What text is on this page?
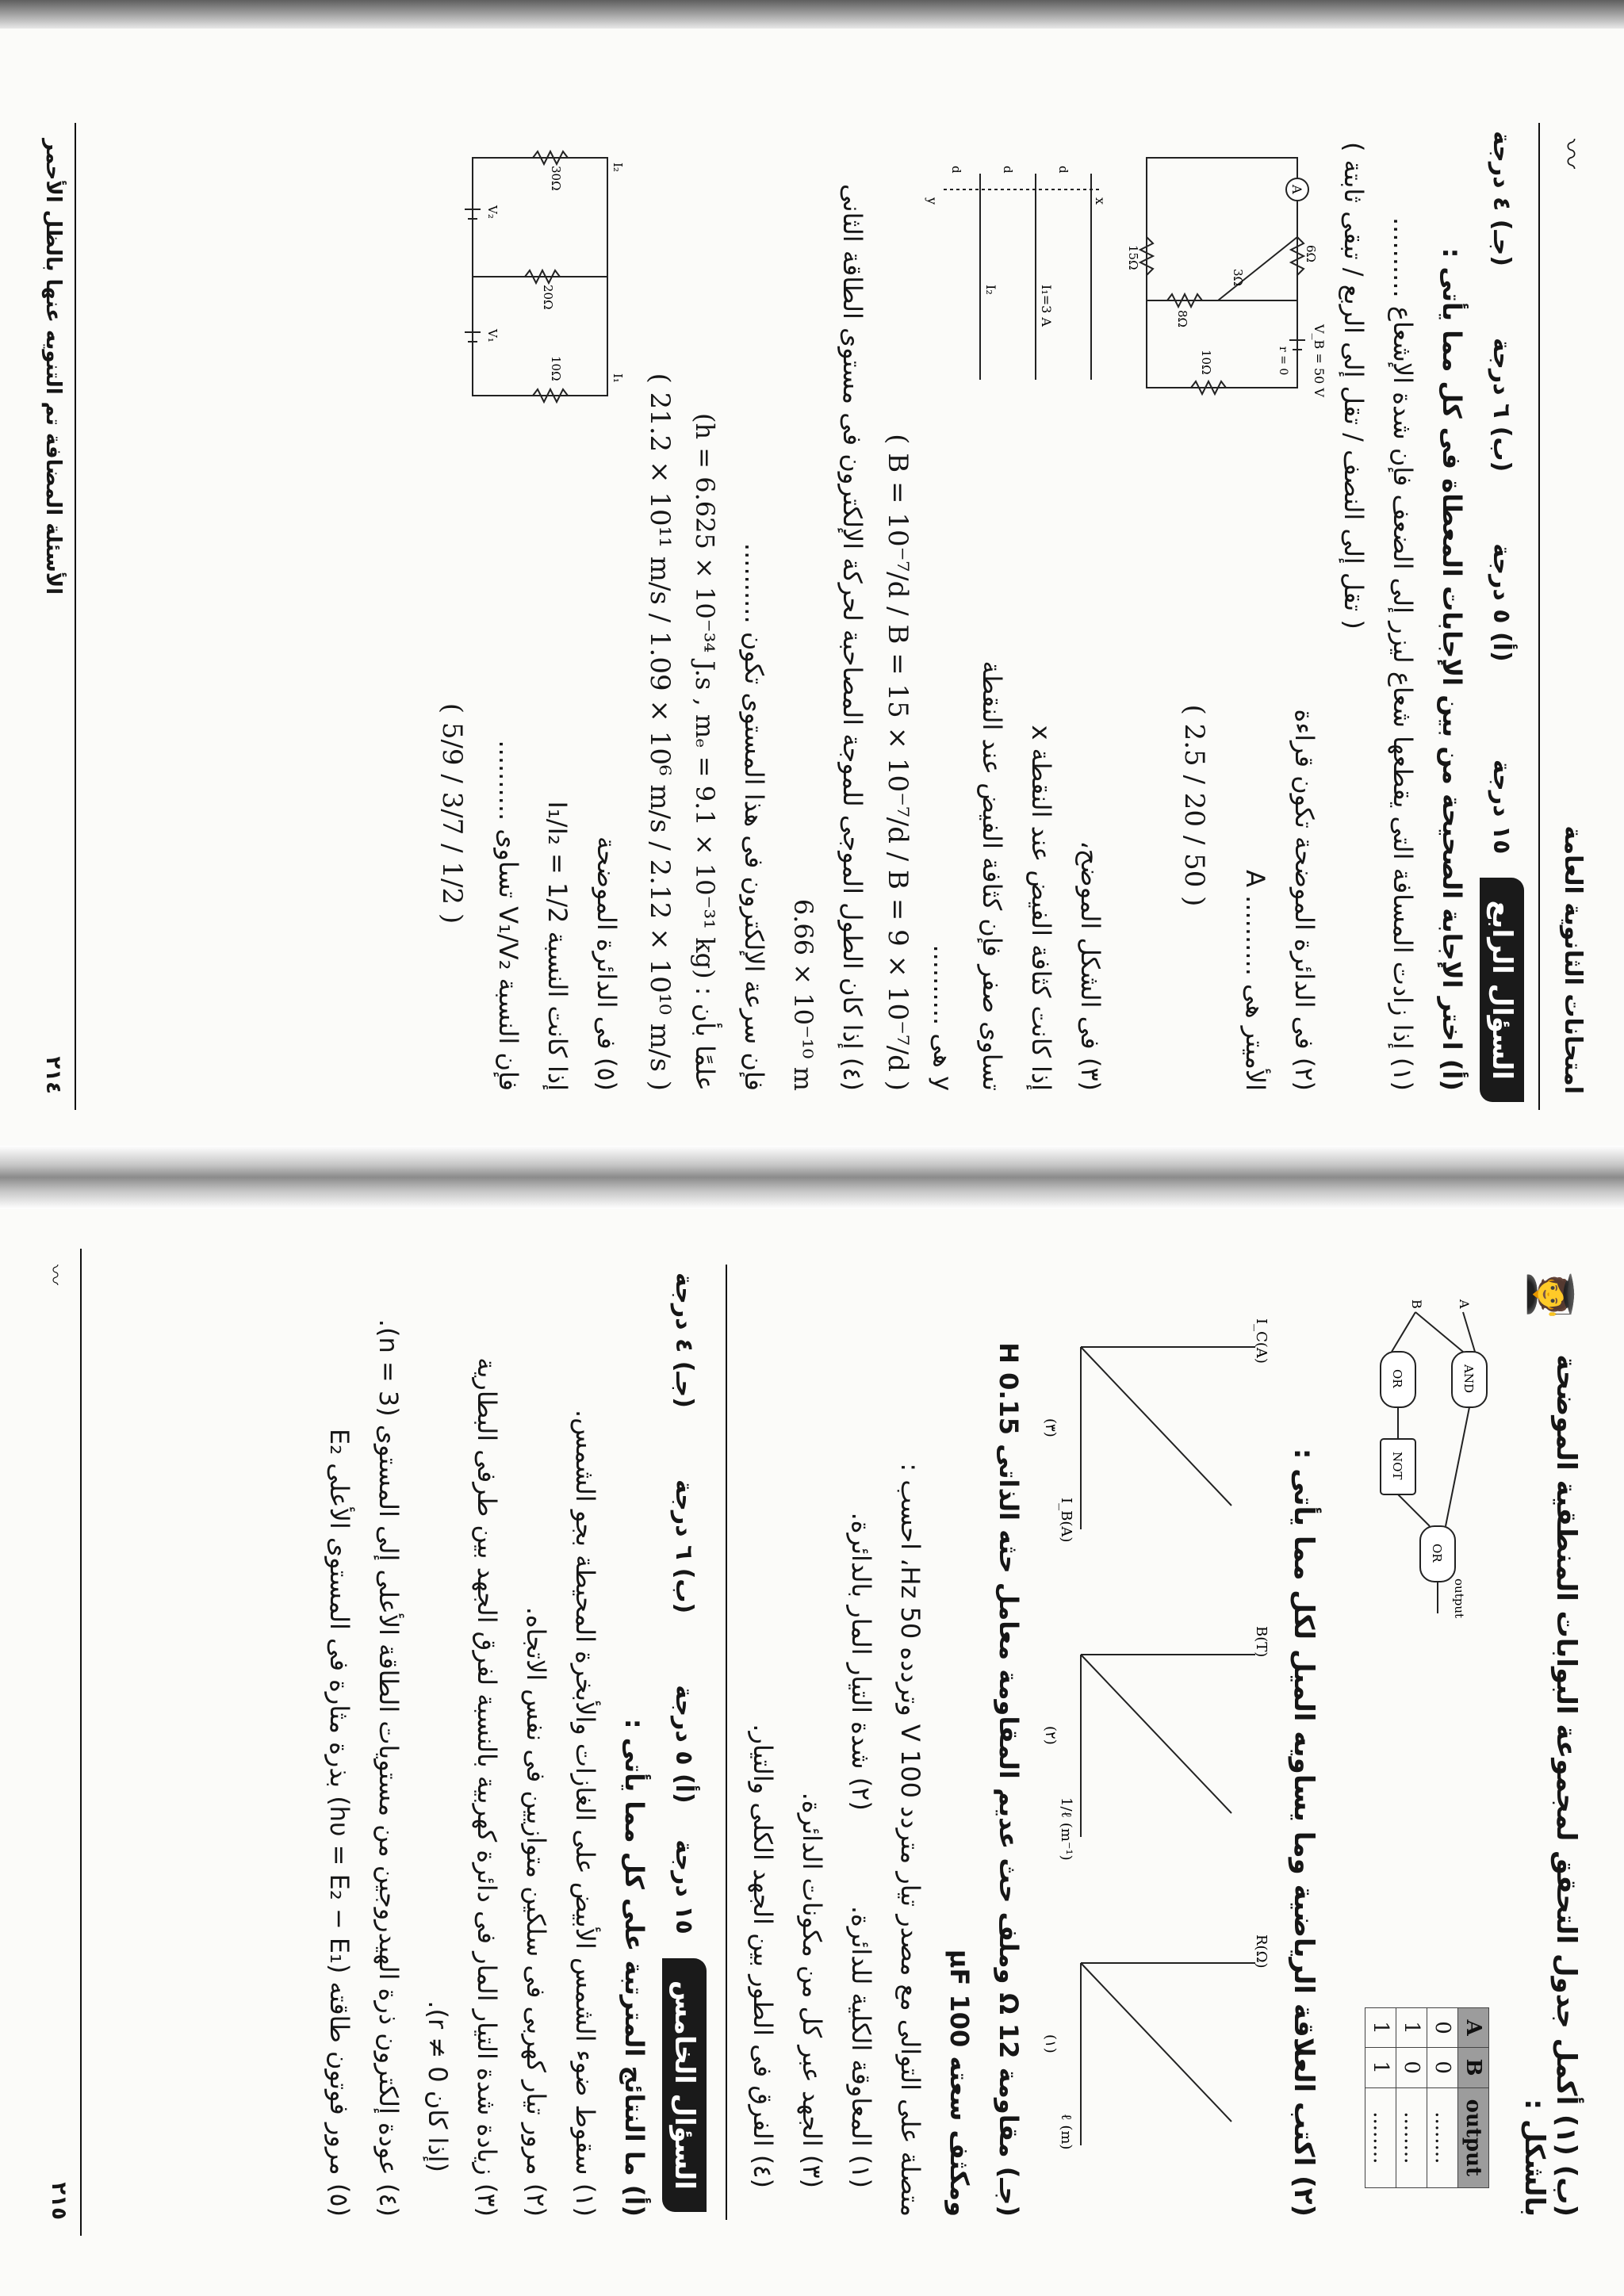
امتحانات الثانوية العامة
〰
السؤال الرابع
١٥ درجة
(أ) ٥ درجة
(ب) ٦ درجة
(جـ) ٤ درجة
(أ) اختر الإجابة الصحيحة من بين الإجابات المعطاة فى كل مما يأتى :
(١) إذا زادت المسافة التى يقطعها شعاع ليزر إلى الضعف فإن شدة الإشعاع ..........
( تقل إلى النصف / تقل إلى الربع / تبقى ثابتة )
(٢) فى الدائرة الموضحة تكون قراءة
الأميتر هى .......... A
( 2.5 / 20 / 50 )
A
V_B = 50 V
r = 0
6Ω
3Ω
8Ω
10Ω
15Ω
(٣) فى الشكل الموضح،
إذا كانت كثافة الفيض عند النقطة x
تساوى صفر فإن كثافة الفيض عند النقطة
y هى ..........
x
y
I₁=3 A
I₂
d
d
d
( B = 10⁻⁷/d / B = 15 × 10⁻⁷/d / B = 9 × 10⁻⁷/d )
(٤) إذا كان الطول الموجى للموجة المصاحبة لحركة الإلكترون فى مستوى الطاقة الثانى 6.66 × 10⁻¹⁰ m
فإن سرعة الإلكترون فى هذا المستوى تكون ..........
علمًا بأن : (h = 6.625 × 10⁻³⁴ J.s , mₑ = 9.1 × 10⁻³¹ kg)
( 21.2 × 10¹¹ m/s / 1.09 × 10⁶ m/s / 2.12 × 10¹⁰ m/s )
(٥) فى الدائرة الموضحة
إذا كانت النسبة I₁/I₂ = 1/2
فإن النسبة V₁/V₂ تساوى ..........
( 5/9 / 3/7 / 1/2 )
30Ω
20Ω
10Ω
V₂
V₁
I₂
I₁
٢١٤
الأسئلة المضافة تم التنويه عنها بالظل الأحمر
(ب) (١) أكمل جدول التحقق لمجموعة البوابات المنطقية الموضحة بالشكل :
🧑‍🎓
A	B	output
0	0	........
1	0	........
1	1	........
AND
OR
NOT
OR
A
B
output
(٢) اكتب العلاقة الرياضية وما يساويه الميل لكل مما يأتى :
I_C(A)
I_B(A)
(٣)
B(T)
1/ℓ (m⁻¹)
(٢)
R(Ω)
ℓ (m)
(١)
(جـ) مقاومة 12 Ω وملف حث عديم المقاومة معامل حثه الذاتى 0.15 H ومكثف سعته 100 μF
متصلة على التوالى مع مصدر تيار متردد 100 V وتردده 50 Hz، احسب :
(١) المعاوقة الكلية للدائرة.
(٢) شدة التيار المار بالدائرة.
(٣) الجهد عبر كل من مكونات الدائرة.
(٤) الفرق فى الطور بين الجهد الكلى والتيار.
السؤال الخامس
١٥ درجة
(أ) ٥ درجة
(ب) ٦ درجة
(جـ) ٤ درجة
(أ) ما النتائج المترتبة على كل مما يأتى :
(١) سقوط ضوء الشمس الأبيض على الغازات والأبخرة المحيطة بجو الشمس.
(٢) مرور تيار كهربى فى سلكين متوازيين فى نفس الاتجاه.
(٣) زيادة شدة التيار المار فى دائرة كهربية بالنسبة لفرق الجهد بين طرفى البطارية
(إذا كان r ≠ 0).
(٤) عودة إلكترون ذرة الهيدروجين من مستويات الطاقة الأعلى إلى المستوى (n = 3).
(٥) مرور فوتون طاقته (hυ = E₂ − E₁) بذرة مثارة فى المستوى الأعلى E₂
٢١٥
〰
